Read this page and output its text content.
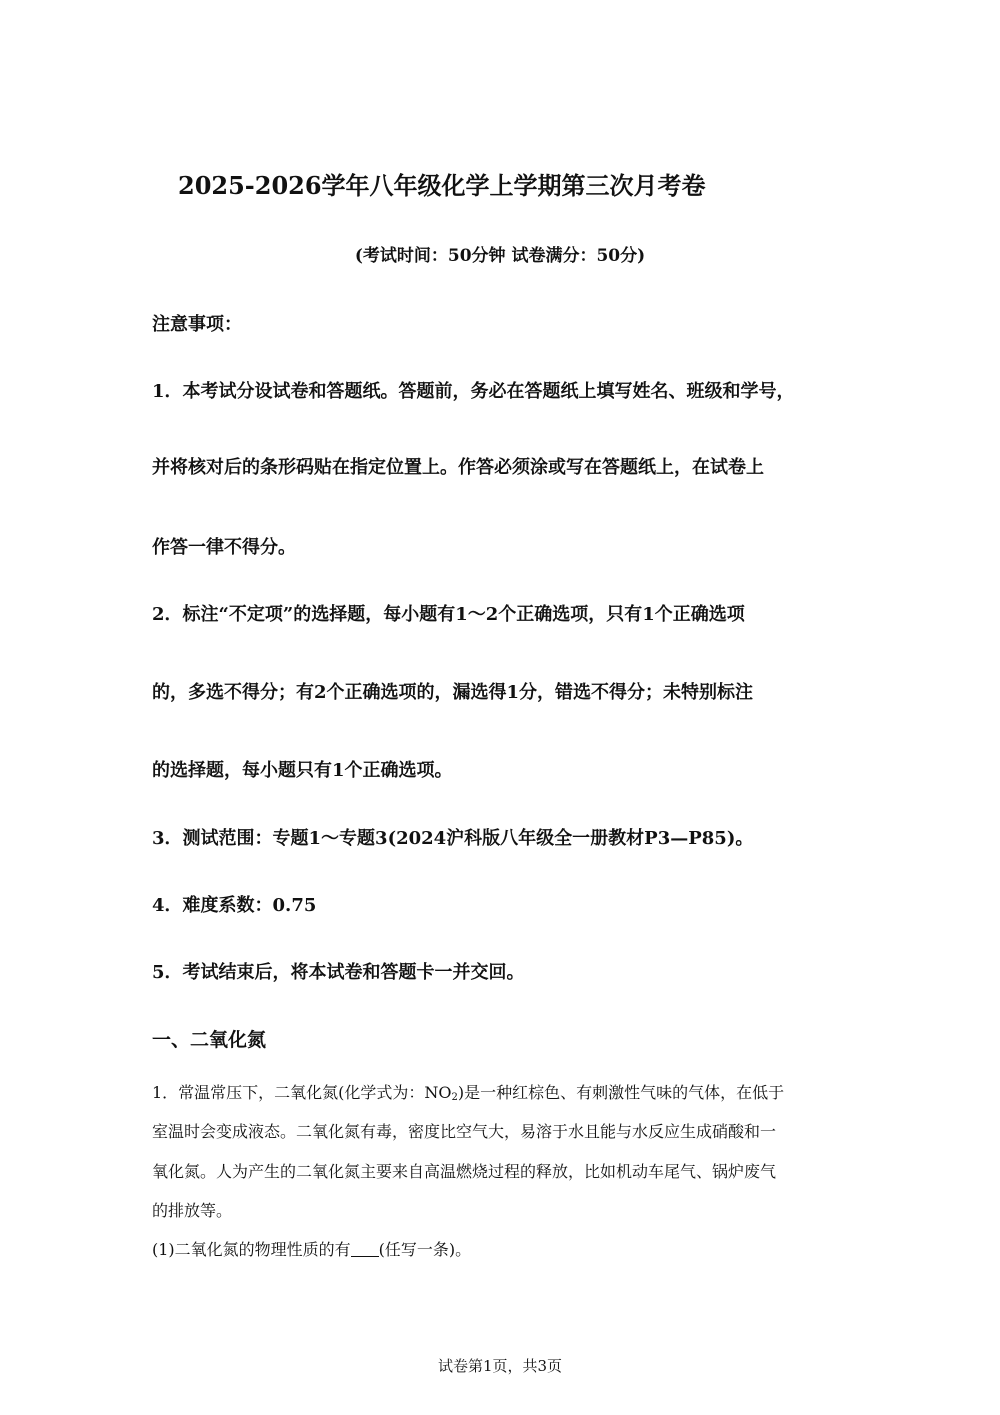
2025-2026学年八年级化学上学期第三次月考卷
(考试时间：50分钟 试卷满分：50分)
注意事项：
1．本考试分设试卷和答题纸。答题前，务必在答题纸上填写姓名、班级和学号，
并将核对后的条形码贴在指定位置上。作答必须涂或写在答题纸上，在试卷上
作答一律不得分。
2．标注“不定项”的选择题，每小题有1～2个正确选项，只有1个正确选项
的，多选不得分；有2个正确选项的，漏选得1分，错选不得分；未特别标注
的选择题，每小题只有1个正确选项。
3．测试范围：专题1～专题3(2024沪科版八年级全一册教材P3—P85)。
4．难度系数：0.75
5．考试结束后，将本试卷和答题卡一并交回。
一、二氧化氮
1．常温常压下，二氧化氮(化学式为：$NO_2$)是一种红棕色、有刺激性气味的气体，在低于
室温时会变成液态。二氧化氮有毒，密度比空气大，易溶于水且能与水反应生成硝酸和一
氧化氮。人为产生的二氧化氮主要来自高温燃烧过程的释放，比如机动车尾气、锅炉废气
的排放等。
(1)二氧化氮的物理性质的有 (任写一条)。
试卷第1页，共3页
